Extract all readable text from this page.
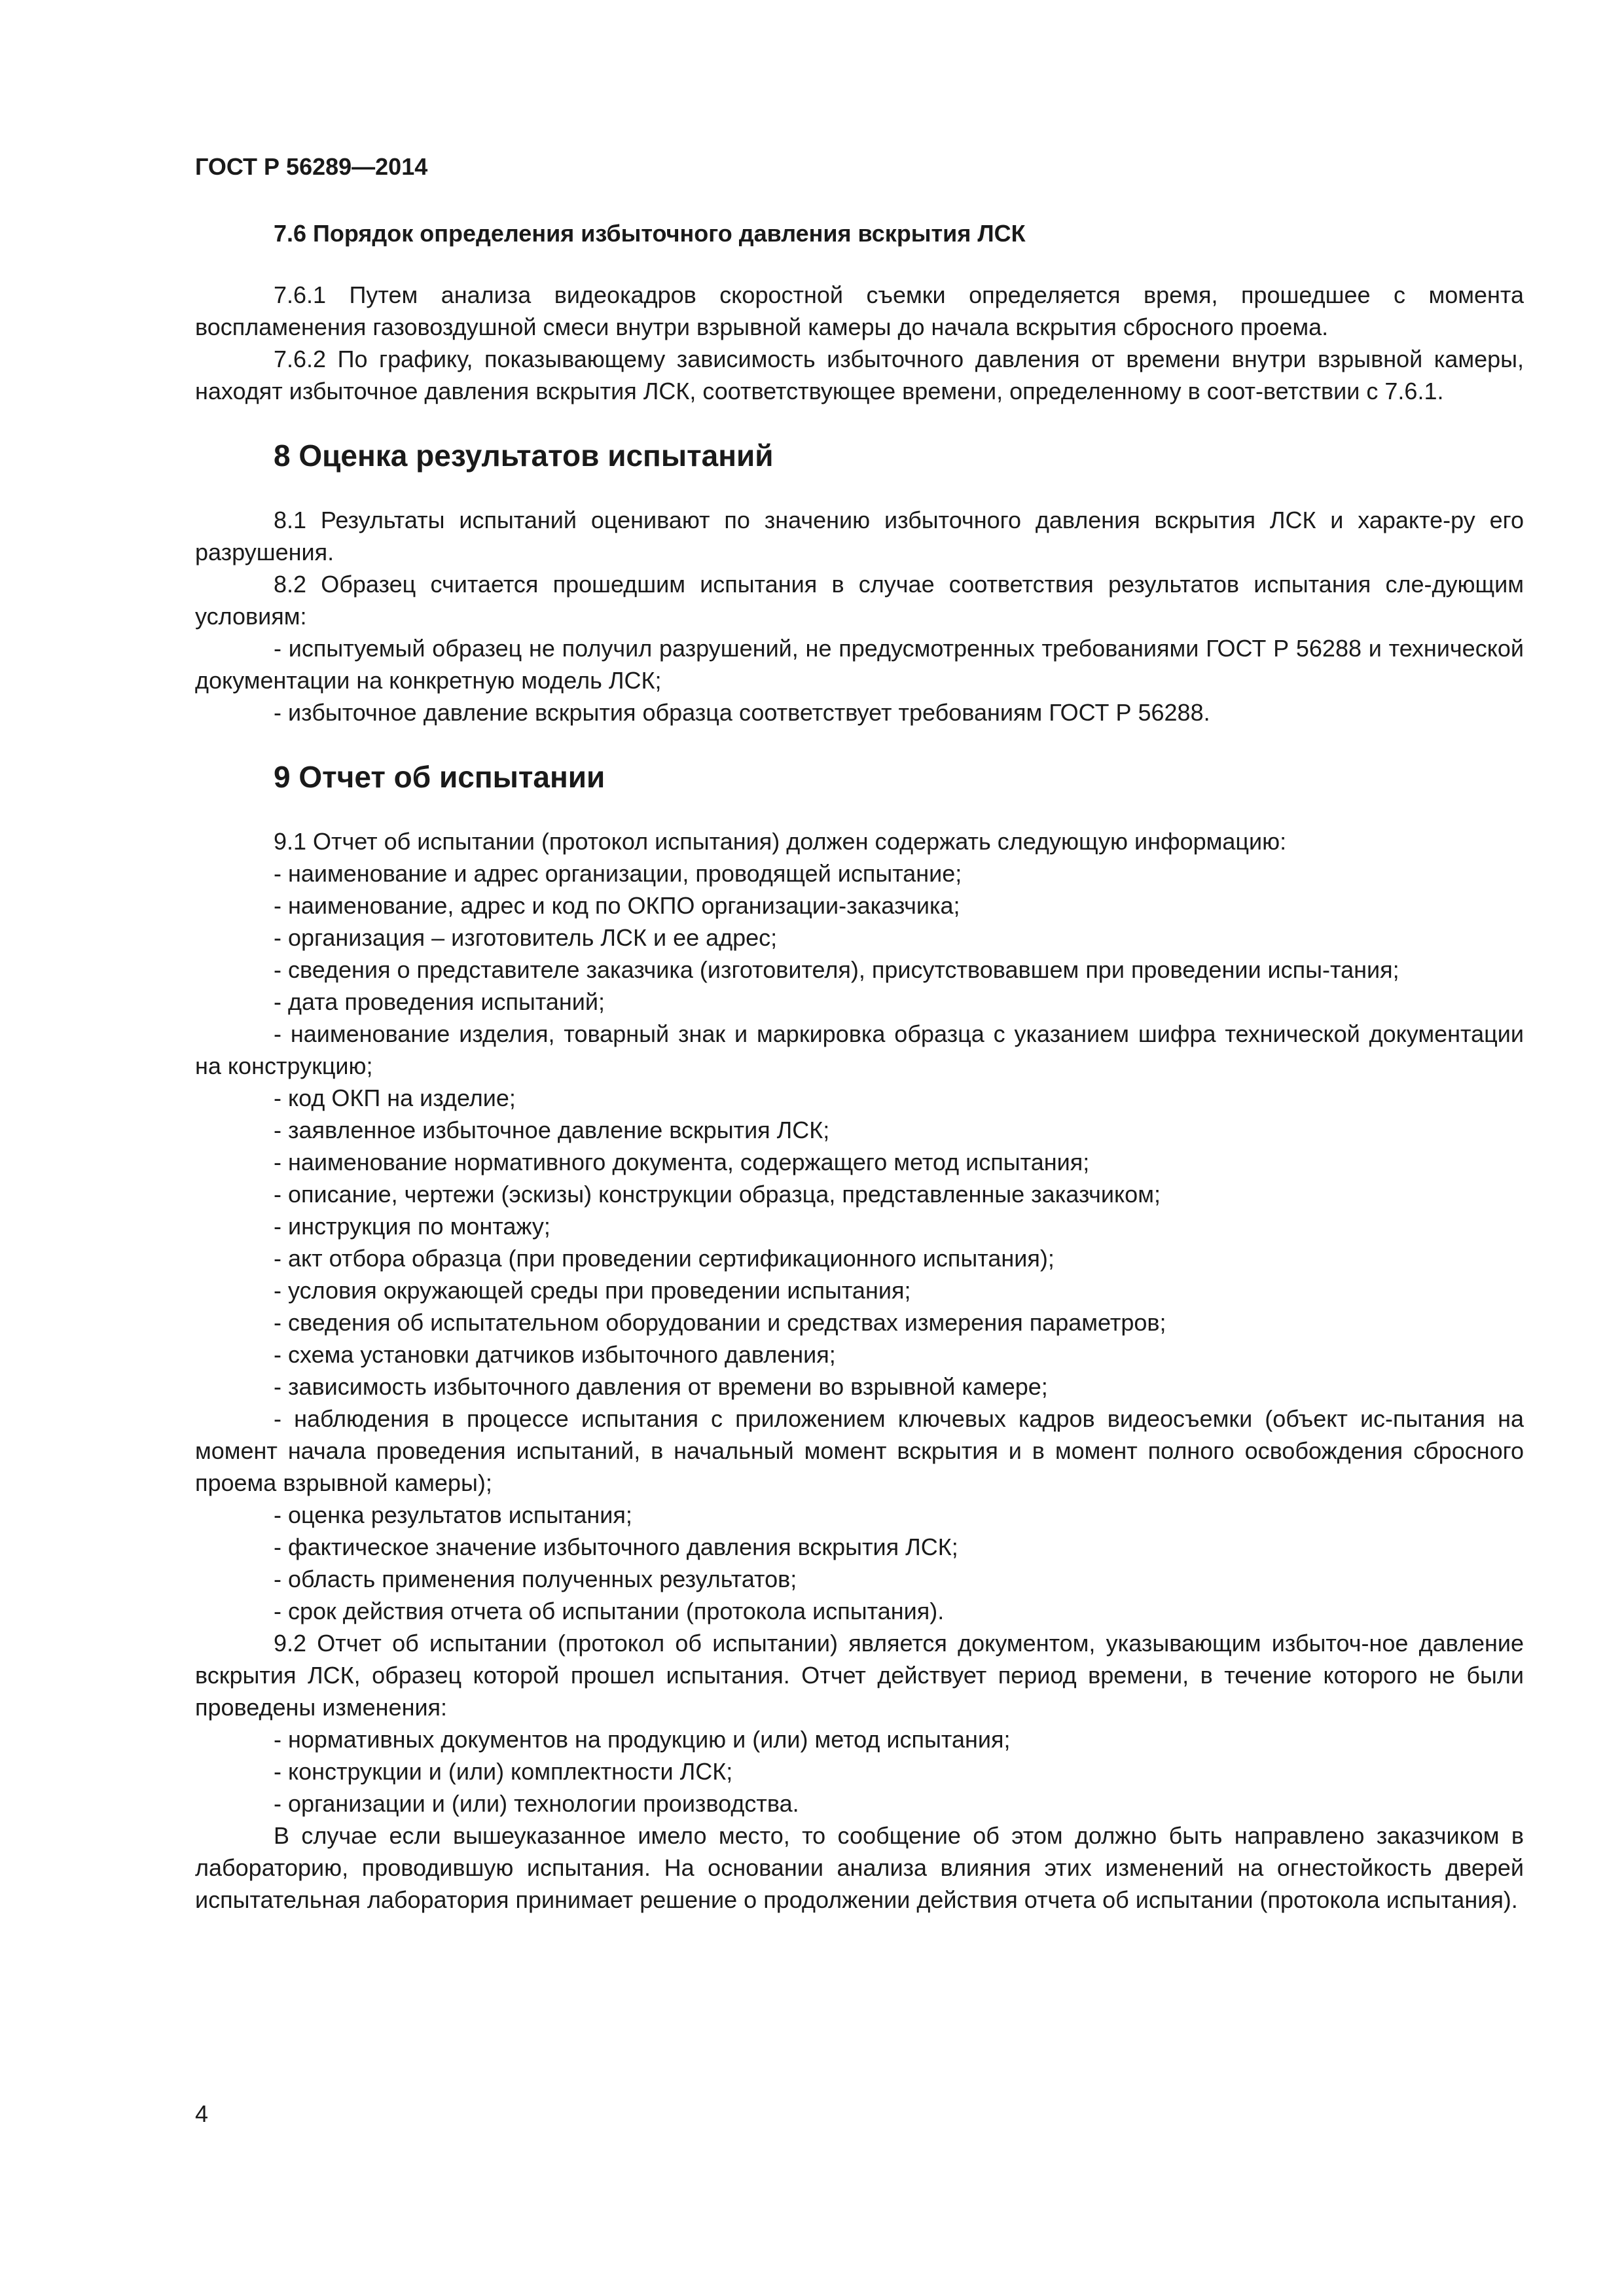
ГОСТ Р 56289—2014
7.6 Порядок определения избыточного давления вскрытия ЛСК

7.6.1 Путем анализа видеокадров скоростной съемки определяется время, прошедшее с момента воспламенения газовоздушной смеси внутри взрывной камеры до начала вскрытия сбросного проема.

7.6.2 По графику, показывающему зависимость избыточного давления от времени внутри взрывной камеры, находят избыточное давления вскрытия ЛСК, соответствующее времени, определенному в соот-ветствии с 7.6.1.

8 Оценка результатов испытаний

8.1 Результаты испытаний оценивают по значению избыточного давления вскрытия ЛСК и характе-ру его разрушения.

8.2 Образец считается прошедшим испытания в случае соответствия результатов испытания сле-дующим условиям:

- испытуемый образец не получил разрушений, не предусмотренных требованиями ГОСТ Р 56288 и технической документации на конкретную модель ЛСК;

- избыточное давление вскрытия образца соответствует требованиям ГОСТ Р 56288.

9 Отчет об испытании

9.1 Отчет об испытании (протокол испытания) должен содержать следующую информацию:

- наименование и адрес организации, проводящей испытание;

- наименование, адрес и код по ОКПО организации-заказчика;

- организация – изготовитель ЛСК и ее адрес;

- сведения о представителе заказчика (изготовителя), присутствовавшем при проведении испы-тания;

- дата проведения испытаний;

- наименование изделия, товарный знак и маркировка образца с указанием шифра технической документации на конструкцию;

- код ОКП на изделие;

- заявленное избыточное давление вскрытия ЛСК;

- наименование нормативного документа, содержащего метод испытания;

- описание, чертежи (эскизы) конструкции образца, представленные заказчиком;

- инструкция по монтажу;

- акт отбора образца (при проведении сертификационного испытания);

- условия окружающей среды при проведении испытания;

- сведения об испытательном оборудовании и средствах измерения параметров;

- схема установки датчиков избыточного давления;

- зависимость избыточного давления от времени во взрывной камере;

- наблюдения в процессе испытания с приложением ключевых кадров видеосъемки (объект ис-пытания на момент начала проведения испытаний, в начальный момент вскрытия и в момент полного освобождения сбросного проема взрывной камеры);

- оценка результатов испытания;

- фактическое значение избыточного давления вскрытия ЛСК;

- область применения полученных результатов;

- срок действия отчета об испытании (протокола испытания).

9.2 Отчет об испытании (протокол об испытании) является документом, указывающим избыточ-ное давление вскрытия ЛСК, образец которой прошел испытания. Отчет действует период времени, в течение которого не были проведены изменения:

- нормативных документов на продукцию и (или) метод испытания;

- конструкции и (или) комплектности ЛСК;

- организации и (или) технологии производства.

В случае если вышеуказанное имело место, то сообщение об этом должно быть направлено заказчиком в лабораторию, проводившую испытания. На основании анализа влияния этих изменений на огнестойкость дверей испытательная лаборатория принимает решение о продолжении действия отчета об испытании (протокола испытания).

4
